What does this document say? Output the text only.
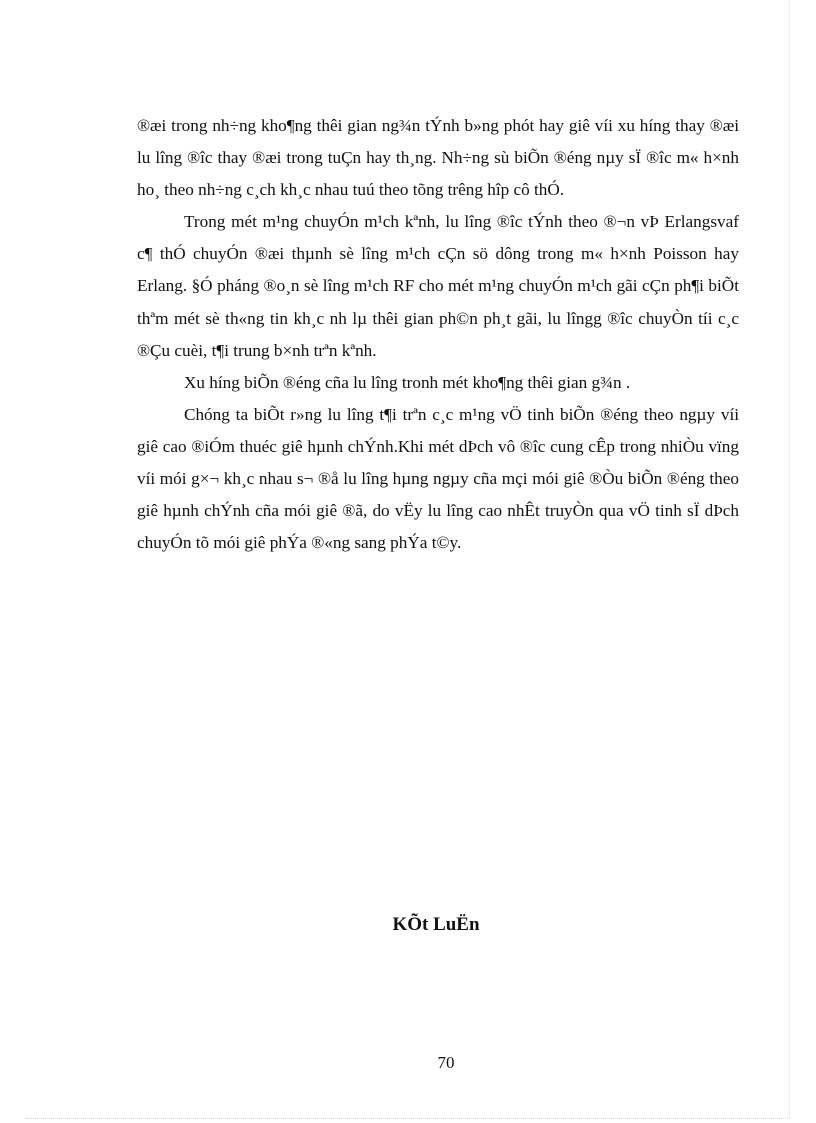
®æi trong nh÷ng kho¶ng thêi gian ng¾n tÝnh b»ng phót hay giê víi xu híng thay ®æi lu lîng ®îc thay ®æi trong tuÇn hay th¸ng. Nh÷ng sù biÕn ®éng nµy sÏ ®îc m« h×nh ho¸ theo nh÷ng c¸ch kh¸c nhau tuú theo tõng trêng hîp cô thÓ.

Trong mét m¹ng chuyÓn m¹ch kªnh, lu lîng ®îc tÝnh theo ®¬n vÞ Erlangsvaf c¶ thÓ chuyÓn ®æi thµnh sè lîng m¹ch cÇn sö dông trong m« h×nh Poisson hay Erlang. §Ó pháng ®o¸n sè lîng m¹ch RF cho mét m¹ng chuyÓn m¹ch gãi cÇn ph¶i biÕt thªm mét sè th«ng tin kh¸c nh lµ thêi gian ph©n ph¸t gãi, lu lîngg ®îc chuyÒn tíi c¸c ®Çu cuèi, t¶i trung b×nh trªn kªnh.

Xu híng biÕn ®éng cña lu lîng tronh mét kho¶ng thêi gian g¾n .

Chóng ta biÕt r»ng lu lîng t¶i trªn c¸c m¹ng vÖ tinh biÕn ®éng theo ngµy víi giê cao ®iÓm thuéc giê hµnh chÝnh.Khi mét dÞch vô ®îc cung cÊp trong nhiÒu vïng víi mói g×¬ kh¸c nhau s¬ ®å lu lîng hµng ngµy cña mçi mói giê ®Òu biÕn ®éng theo giê hµnh chÝnh cña mói giê ®ã, do vËy lu lîng cao nhÊt truyÒn qua vÖ tinh sÏ dÞch chuyÓn tõ mói giê phÝa ®«ng sang phÝa t©y.

KÕt LuËn
70
